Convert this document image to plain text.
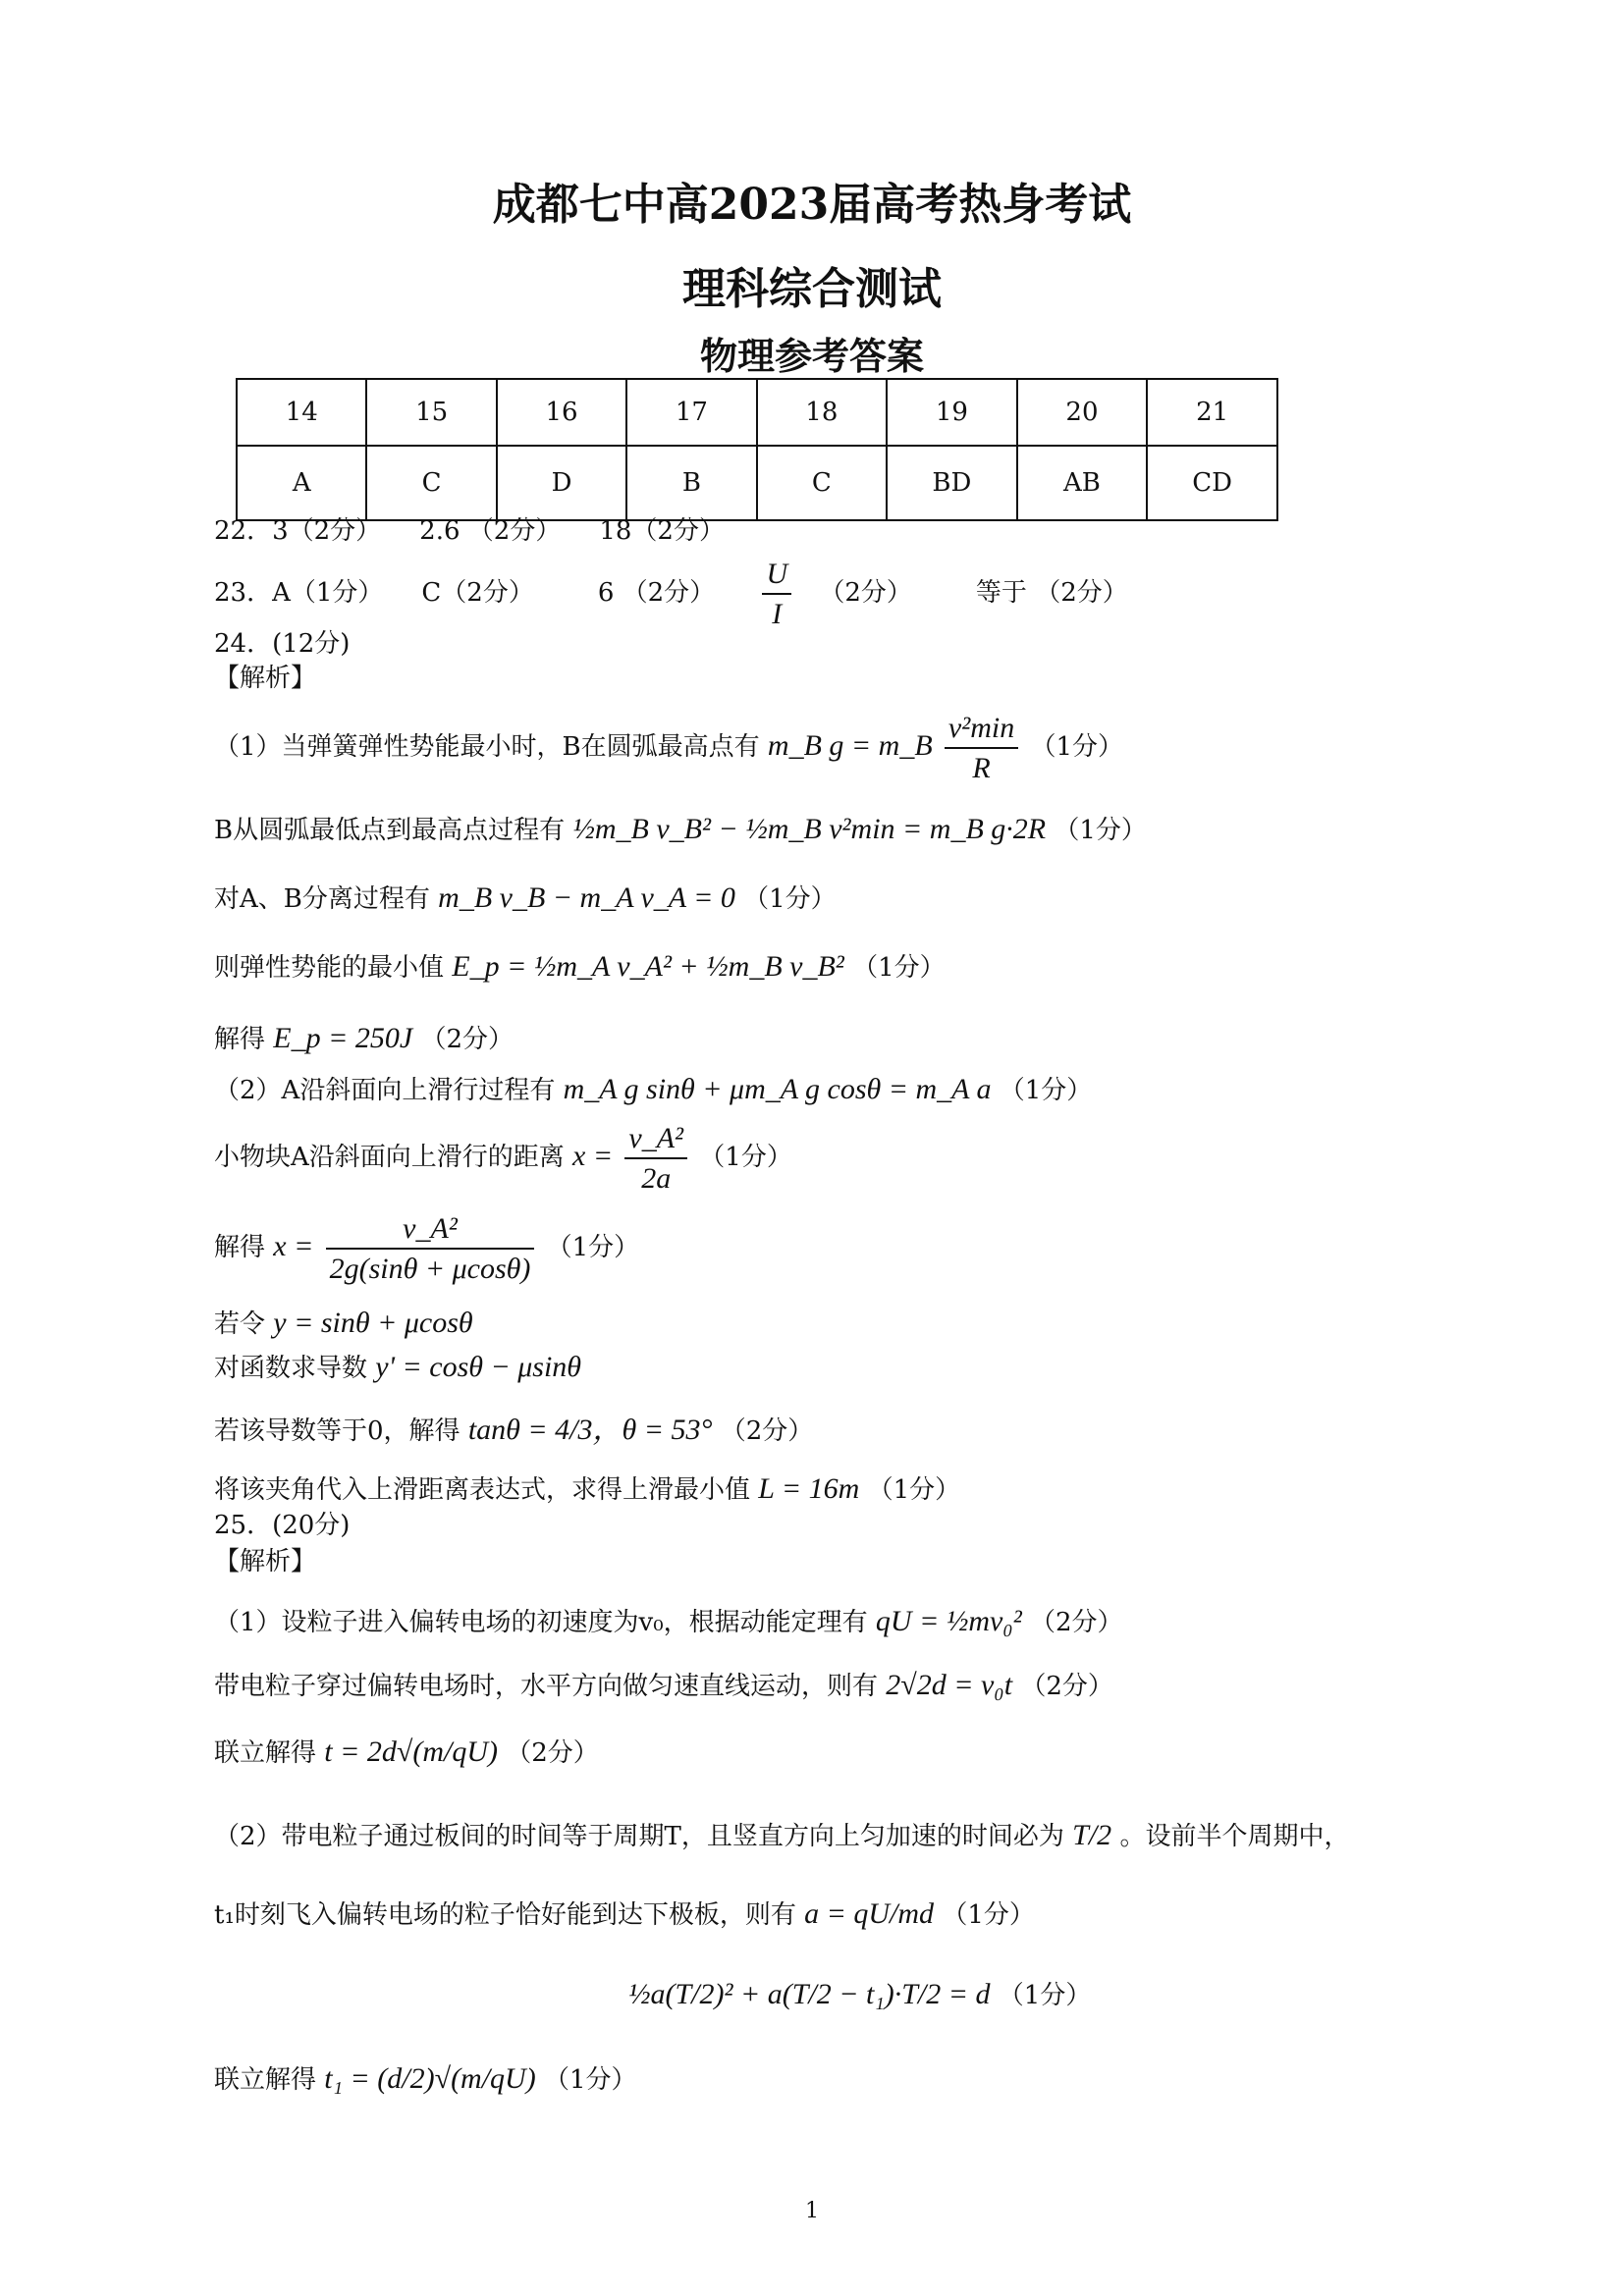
成都七中高2023届高考热身考试
理科综合测试
物理参考答案
14	15	16	17	18	19	20	21
A	C	D	B	C	BD	AB	CD
22．3（2分）　　2.6 （2分）　　18（2分）
23．A（1分）　　C（2分）　　　6 （2分） $\frac{U}{I} (2$分）　　　等于 （2分）
24．(12分)
【解析】
（1）当弹簧弹性势能最小时，B在圆弧最高点有 m_B g = m_B
v²min
R
（1分）
B从圆弧最低点到最高点过程有 ½m_B v_B² − ½m_B v²min = m_B g·2R （1分）
对A、B分离过程有 m_B v_B − m_A v_A = 0 （1分）
则弹性势能的最小值 E_p = ½m_A v_A² + ½m_B v_B² （1分）
解得 E_p = 250J （2分）
（2）A沿斜面向上滑行过程有 m_A g sinθ + μm_A g cosθ = m_A a （1分）
小物块A沿斜面向上滑行的距离 $x = \frac{\text{v\_A²}}{2a} (1$分）
解得 $x = \frac{\text{v\_A²}}{2g(\sin\theta + \mu\cos\theta)} (1$分）
若令 y = sinθ + μcosθ
对函数求导数 y' = cosθ − μsinθ
若该导数等于0，解得 tanθ = 4/3，θ = 53° （2分）
将该夹角代入上滑距离表达式，求得上滑最小值 L = 16m （1分）
25．(20分)
【解析】
（1）设粒子进入偏转电场的初速度为v₀，根据动能定理有 qU = ½mv₀² （2分）
带电粒子穿过偏转电场时，水平方向做匀速直线运动，则有 2√2d = v₀t （2分）
联立解得 t = 2d√(m/qU) （2分）
（2）带电粒子通过板间的时间等于周期T，且竖直方向上匀加速的时间必为 T/2 。设前半个周期中，
t₁时刻飞入偏转电场的粒子恰好能到达下极板，则有 a = qU/md （1分）
½a(T/2)² + a(T/2 − t₁)·T/2 = d （1分）
联立解得 t₁ = (d/2)√(m/qU) （1分）
1
